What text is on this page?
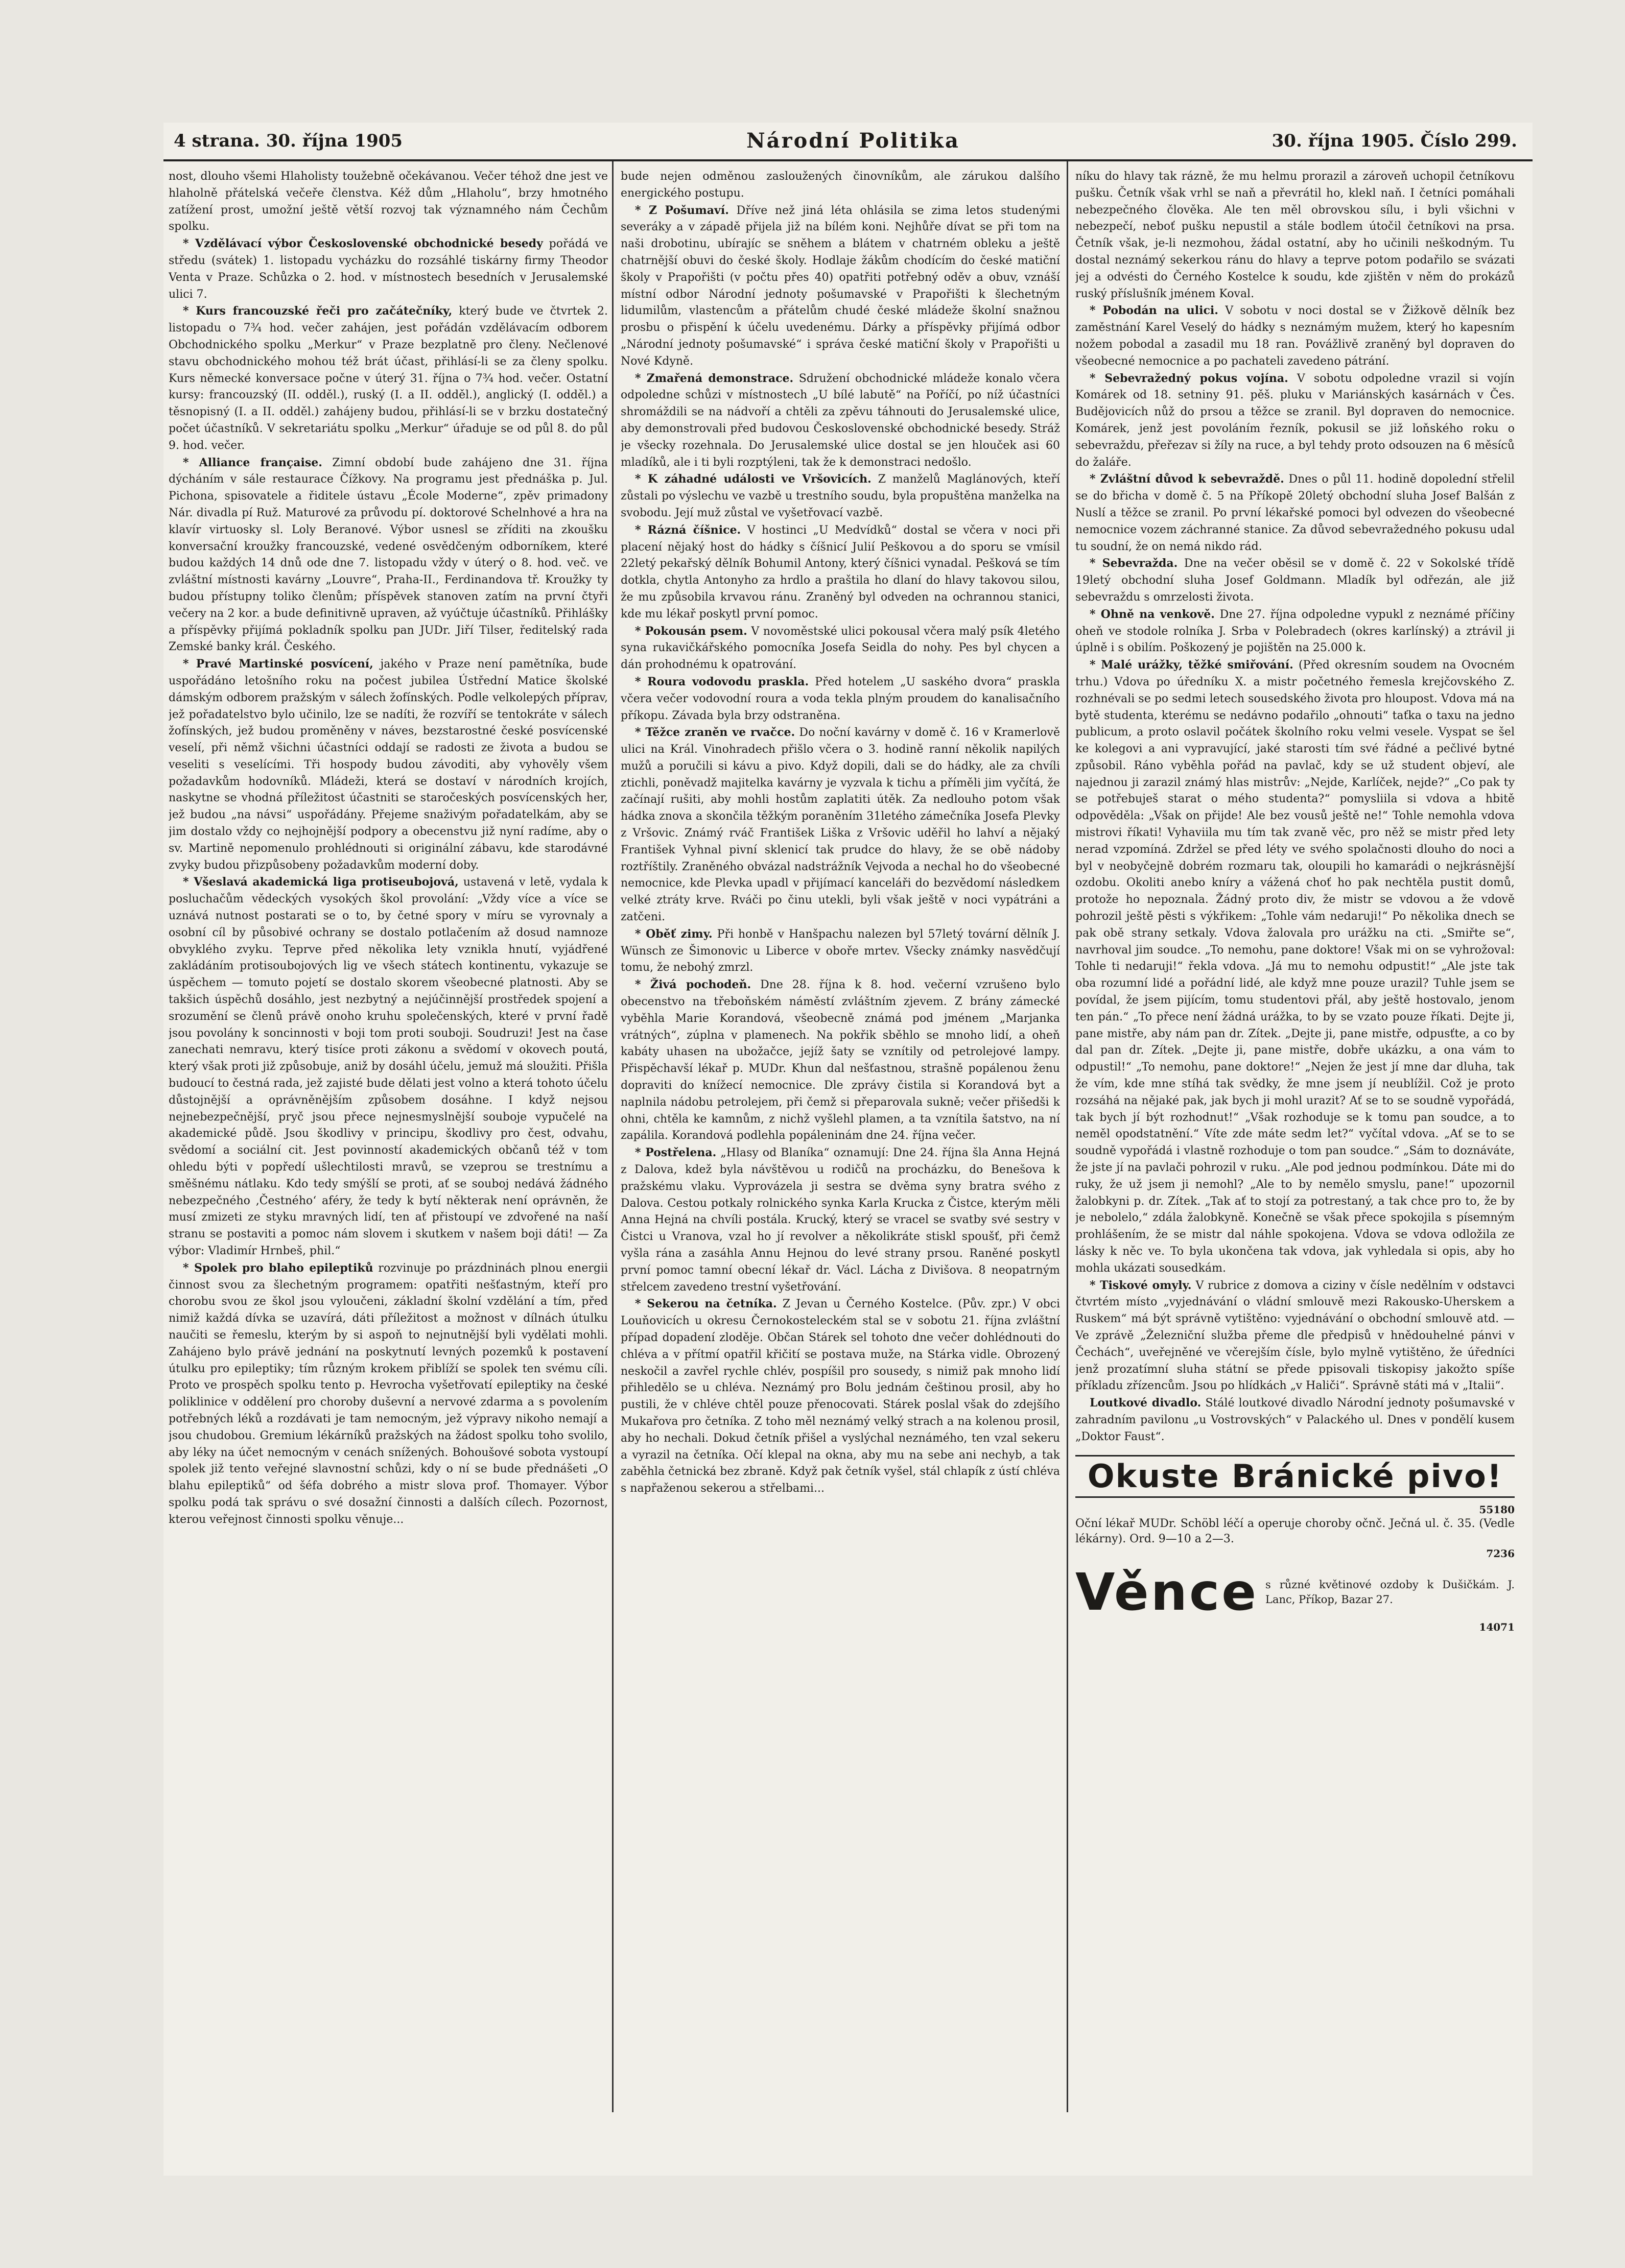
4 strana. 30. října 1905	Národní Politika	30. října 1905. Číslo 299.

nost, dlouho všemi Hlaholisty toužebně očekávanou. Večer téhož dne jest ve hlaholně přátelská večeře členstva. Kéž dům „Hlaholu“, brzy hmotného zatížení prost, umožní ještě větší rozvoj tak významného nám Čechům spolku.

* Vzdělávací výbor Československé obchodnické besedy pořádá ve středu (svátek) 1. listopadu vycházku do rozsáhlé tiskárny firmy Theodor Venta v Praze. Schůzka o 2. hod. v místnostech besedních v Jerusalemské ulici 7.

* Kurs francouzské řeči pro začátečníky, který bude ve čtvrtek 2. listopadu o 7¾ hod. večer zahájen, jest pořádán vzdělávacím odborem Obchodnického spolku „Merkur“ v Praze bezplatně pro členy. Nečlenové stavu obchodnického mohou též brát účast, přihlásí-li se za členy spolku. Kurs německé konversace počne v úterý 31. října o 7¾ hod. večer. Ostatní kursy: francouzský (II. odděl.), ruský (I. a II. odděl.), anglický (I. odděl.) a těsnopisný (I. a II. odděl.) zahájeny budou, přihlásí-li se v brzku dostatečný počet účastníků. V sekretariátu spolku „Merkur“ úřaduje se od půl 8. do půl 9. hod. večer.

* Alliance française. Zimní období bude zahájeno dne 31. října dýcháním v sále restaurace Čížkovy. Na programu jest přednáška p. Jul. Pichona, spisovatele a řiditele ústavu „École Moderne“, zpěv primadony Nár. divadla pí Ruž. Maturové za průvodu pí. doktorové Schelnhové a hra na klavír virtuosky sl. Loly Beranové. Výbor usnesl se zříditi na zkoušku konversační kroužky francouzské, vedené osvědčeným odborníkem, které budou každých 14 dnů ode dne 7. listopadu vždy v úterý o 8. hod. več. ve zvláštní místnosti kavárny „Louvre“, Praha-II., Ferdinandova tř. Kroužky ty budou přístupny toliko členům; příspěvek stanoven zatím na první čtyři večery na 2 kor. a bude definitivně upraven, až vyúčtuje účastníků. Přihlášky a příspěvky přijímá pokladník spolku pan JUDr. Jiří Tilser, ředitelský rada Zemské banky král. Českého.

* Pravé Martinské posvícení, jakého v Praze není pamětníka, bude uspořádáno letošního roku na počest jubilea Ústřední Matice školské dámským odborem pražským v sálech žofínských. Podle velkolepých příprav, jež pořadatelstvo bylo učinilo, lze se nadíti, že rozvíří se tentokráte v sálech žofínských, jež budou proměněny v náves, bezstarostné české posvícenské veselí, při němž všichni účastníci oddají se radosti ze života a budou se veseliti s veselícími. Tři hospody budou závoditi, aby vyhověly všem požadavkům hodovníků. Mládeži, která se dostaví v národních krojích, naskytne se vhodná příležitost účastniti se staročeských posvícenských her, jež budou „na návsi“ uspořádány. Přejeme snaživým pořadatelkám, aby se jim dostalo vždy co nejhojnější podpory a obecenstvu již nyní radíme, aby o sv. Martině nepomenulo prohlédnouti si originální zábavu, kde starodávné zvyky budou přizpůsobeny požadavkům moderní doby.

* Všeslavá akademická liga protiseubojová, ustavená v letě, vydala k posluchačům vědeckých vysokých škol provolání: „Vždy více a více se uznává nutnost postarati se o to, by četné spory v míru se vyrovnaly a osobní cíl by působivé ochrany se dostalo potlačením až dosud namnoze obvyklého zvyku. Teprve před několika lety vznikla hnutí, vyjádřené zakládáním protisoubojových lig ve všech státech kontinentu, vykazuje se úspěchem — tomuto pojetí se dostalo skorem všeobecné platnosti. Aby se takšich úspěchů dosáhlo, jest nezbytný a nejúčinnější prostředek spojení a srozumění se členů právě onoho kruhu společenských, které v první řadě jsou povolány k soncinnosti v boji tom proti souboji. Soudruzi! Jest na čase zanechati nemravu, který tisíce proti zákonu a svědomí v okovech poutá, který však proti již způsobuje, aniž by dosáhl účelu, jemuž má sloužiti. Přišla budoucí to čestná rada, jež zajisté bude dělati jest volno a která tohoto účelu důstojnější a oprávněnějším způsobem dosáhne. I když nejsou nejnebezpečnější, pryč jsou přece nejnesmyslnější souboje vypučelé na akademické půdě. Jsou škodlivy v principu, škodlivy pro čest, odvahu, svědomí a sociální cit. Jest povinností akademických občanů též v tom ohledu býti v popředí ušlechtilosti mravů, se vzeprou se trestnímu a směšnému nátlaku. Kdo tedy smýšlí se proti, ať se souboj nedává žádného nebezpečného ‚Čestného‘ aféry, že tedy k bytí některak není oprávněn, že musí zmizeti ze styku mravných lidí, ten ať přistoupí ve zdvořené na naší stranu se postaviti a pomoc nám slovem i skutkem v našem boji dáti! — Za výbor: Vladimír Hrnbeš, phil.“

* Spolek pro blaho epileptiků rozvinuje po prázdninách plnou energii činnost svou za šlechetným programem: opatřiti nešťastným, kteří pro chorobu svou ze škol jsou vyloučeni, základní školní vzdělání a tím, před nimiž každá dívka se uzavírá, dáti příležitost a možnost v dílnách útulku naučiti se řemeslu, kterým by si aspoň to nejnutnější byli vydělati mohli. Zahájeno bylo právě jednání na poskytnutí levných pozemků k postavení útulku pro epileptiky; tím různým krokem přiblíží se spolek ten svému cíli. Proto ve prospěch spolku tento p. Hevrocha vyšetřovatí epileptiky na české poliklinice v oddělení pro choroby duševní a nervové zdarma a s povolením potřebných léků a rozdávati je tam nemocným, jež výpravy nikoho nemají a jsou chudobou. Gremium lékárníků pražských na žádost spolku toho svolilo, aby léky na účet nemocným v cenách snížených. Bohoušové sobota vystoupí spolek již tento veřejné slavnostní schůzi, kdy o ní se bude přednášeti „O blahu epileptiků“ od šéfa dobrého a mistr slova prof. Thomayer. Výbor spolku podá tak správu o své dosažní činnosti a dalších cílech. Pozornost, kterou veřejnost činnosti spolku věnuje...

bude nejen odměnou zasloužených činovníkům, ale zárukou dalšího energického postupu.

* Z Pošumaví. Dříve než jiná léta ohlásila se zima letos studenými severáky a v západě přijela již na bílém koni. Nejhůře dívat se při tom na naši drobotinu, ubírajíc se sněhem a blátem v chatrném obleku a ještě chatrnější obuvi do české školy. Hodlaje žákům chodícím do české matiční školy v Prapořišti (v počtu přes 40) opatřiti potřebný oděv a obuv, vznáší místní odbor Národní jednoty pošumavské v Prapořišti k šlechetným lidumilům, vlastencům a přátelům chudé české mládeže školní snažnou prosbu o přispění k účelu uvedenému. Dárky a příspěvky přijímá odbor „Národní jednoty pošumavské“ i správa české matiční školy v Prapořišti u Nové Kdyně.

* Zmařená demonstrace. Sdružení obchodnické mládeže konalo včera odpoledne schůzi v místnostech „U bílé labutě“ na Poříčí, po níž účastníci shromáždili se na nádvoří a chtěli za zpěvu táhnouti do Jerusalemské ulice, aby demonstrovali před budovou Československé obchodnické besedy. Stráž je všecky rozehnala. Do Jerusalemské ulice dostal se jen hlouček asi 60 mladíků, ale i ti byli rozptýleni, tak že k demonstraci nedošlo.

* K záhadné události ve Vršovicích. Z manželů Maglánových, kteří zůstali po výslechu ve vazbě u trestního soudu, byla propuštěna manželka na svobodu. Její muž zůstal ve vyšetřovací vazbě.

* Rázná číšnice. V hostinci „U Medvídků“ dostal se včera v noci při placení nějaký host do hádky s číšnicí Julií Peškovou a do sporu se vmísil 22letý pekařský dělník Bohumil Antony, který číšnici vynadal. Pešková se tím dotkla, chytla Antonyho za hrdlo a praštila ho dlaní do hlavy takovou silou, že mu způsobila krvavou ránu. Zraněný byl odveden na ochrannou stanici, kde mu lékař poskytl první pomoc.

* Pokousán psem. V novoměstské ulici pokousal včera malý psík 4letého syna rukavičkářského pomocníka Josefa Seidla do nohy. Pes byl chycen a dán prohodnému k opatrování.

* Roura vodovodu praskla. Před hotelem „U saského dvora“ praskla včera večer vodovodní roura a voda tekla plným proudem do kanalisačního příkopu. Závada byla brzy odstraněna.

* Těžce zraněn ve rvačce. Do noční kavárny v domě č. 16 v Kramerlově ulici na Král. Vinohradech přišlo včera o 3. hodině ranní několik napilých mužů a poručili si kávu a pivo. Když dopili, dali se do hádky, ale za chvíli ztichli, poněvadž majitelka kavárny je vyzvala k tichu a příměli jim vyčítá, že začínají rušiti, aby mohli hostům zaplatiti útěk. Za nedlouho potom však hádka znova a skončila těžkým poraněním 31letého zámečníka Josefa Plevky z Vršovic. Známý rváč František Liška z Vršovic uděřil ho lahví a nějaký František Vyhnal pivní sklenicí tak prudce do hlavy, že se obě nádoby roztříštily. Zraněného obvázal nadstrážník Vejvoda a nechal ho do všeobecné nemocnice, kde Plevka upadl v přijímací kanceláři do bezvědomí následkem velké ztráty krve. Rváči po činu utekli, byli však ještě v noci vypátráni a zatčeni.

* Oběť zimy. Při honbě v Hanšpachu nalezen byl 57letý tovární dělník J. Wünsch ze Šimonovic u Liberce v oboře mrtev. Všecky známky nasvědčují tomu, že nebohý zmrzl.

* Živá pochodeň. Dne 28. října k 8. hod. večerní vzrušeno bylo obecenstvo na třeboňském náměstí zvláštním zjevem. Z brány zámecké vyběhla Marie Korandová, všeobecně známá pod jménem „Marjanka vrátných“, zúplna v plamenech. Na pokřik sběhlo se mnoho lidí, a oheň kabáty uhasen na ubožačce, jejíž šaty se vznítily od petrolejové lampy. Přispěchavší lékař p. MUDr. Khun dal nešťastnou, strašně popálenou ženu dopraviti do knížecí nemocnice. Dle zprávy čistila si Korandová byt a naplnila nádobu petrolejem, při čemž si přeparovala sukně; večer přišedši k ohni, chtěla ke kamnům, z nichž vyšlehl plamen, a ta vznítila šatstvo, na ní zapálila. Korandová podlehla popáleninám dne 24. října večer.

* Postřelena. „Hlasy od Blaníka“ oznamují: Dne 24. října šla Anna Hejná z Dalova, kdež byla návštěvou u rodičů na procházku, do Benešova k pražskému vlaku. Vyprovázela ji sestra se dvěma syny bratra svého z Dalova. Cestou potkaly rolnického synka Karla Krucka z Čistce, kterým měli Anna Hejná na chvíli postála. Krucký, který se vracel se svatby své sestry v Čistci u Vranova, vzal ho jí revolver a několikráte stiskl spoušť, při čemž vyšla rána a zasáhla Annu Hejnou do levé strany prsou. Raněné poskytl první pomoc tamní obecní lékař dr. Václ. Lácha z Divišova. 8 neopatrným střelcem zavedeno trestní vyšetřování.

* Sekerou na četníka. Z Jevan u Černého Kostelce. (Pův. zpr.) V obci Louňovicích u okresu Černokosteleckém stal se v sobotu 21. října zvláštní případ dopadení zloděje. Občan Stárek sel tohoto dne večer dohlédnouti do chléva a v přítmí opatřil křičití se postava muže, na Stárka vidle. Obrozený neskočil a zavřel rychle chlév, pospíšil pro sousedy, s nimiž pak mnoho lidí přihledělo se u chléva. Neznámý pro Bolu jednám češtinou prosil, aby ho pustili, že v chléve chtěl pouze přenocovati. Stárek poslal však do zdejšího Mukařova pro četníka. Z toho měl neznámý velký strach a na kolenou prosil, aby ho nechali. Dokud četník přišel a vyslýchal neznámého, ten vzal sekeru a vyrazil na četníka. Očí klepal na okna, aby mu na sebe ani nechyb, a tak zaběhla četnická bez zbraně. Když pak četník vyšel, stál chlapík z ústí chléva s napřaženou sekerou a střelbami...

níku do hlavy tak rázně, že mu helmu prorazil a zároveň uchopil četníkovu pušku. Četník však vrhl se naň a převrátil ho, klekl naň. I četníci pomáhali nebezpečného člověka. Ale ten měl obrovskou sílu, i byli všichni v nebezpečí, neboť pušku nepustil a stále bodlem útočil četníkovi na prsa. Četník však, je-li nezmohou, žádal ostatní, aby ho učinili neškodným. Tu dostal neznámý sekerkou ránu do hlavy a teprve potom podařilo se svázati jej a odvésti do Černého Kostelce k soudu, kde zjištěn v něm do prokázů ruský příslušník jménem Koval.

* Pobodán na ulici. V sobotu v noci dostal se v Žižkově dělník bez zaměstnání Karel Veselý do hádky s neznámým mužem, který ho kapesním nožem pobodal a zasadil mu 18 ran. Povážlivě zraněný byl dopraven do všeobecné nemocnice a po pachateli zavedeno pátrání.

* Sebevražedný pokus vojína. V sobotu odpoledne vrazil si vojín Komárek od 18. setniny 91. pěš. pluku v Mariánských kasárnách v Čes. Budějovicích nůž do prsou a těžce se zranil. Byl dopraven do nemocnice. Komárek, jenž jest povoláním řezník, pokusil se již loňského roku o sebevraždu, přeřezav si žíly na ruce, a byl tehdy proto odsouzen na 6 měsíců do žaláře.

* Zvláštní důvod k sebevraždě. Dnes o půl 11. hodině dopolední střelil se do břicha v domě č. 5 na Příkopě 20letý obchodní sluha Josef Balšán z Nuslí a těžce se zranil. Po první lékařské pomoci byl odvezen do všeobecné nemocnice vozem záchranné stanice. Za důvod sebevražedného pokusu udal tu soudní, že on nemá nikdo rád.

* Sebevražda. Dne na večer oběsil se v domě č. 22 v Sokolské třídě 19letý obchodní sluha Josef Goldmann. Mladík byl odřezán, ale již sebevraždu s omrzelosti života.

* Ohně na venkově. Dne 27. října odpoledne vypukl z neznámé příčiny oheň ve stodole rolníka J. Srba v Polebradech (okres karlínský) a ztrávil ji úplně i s obilím. Poškozený je pojištěn na 25.000 k.

* Malé urážky, těžké smiřování. (Před okresním soudem na Ovocném trhu.) Vdova po úředníku X. a mistr početného řemesla krejčovského Z. rozhnévali se po sedmi letech sousedského života pro hloupost. Vdova má na bytě studenta, kterému se nedávno podařilo „ohnouti“ taťka o taxu na jedno publicum, a proto oslavil počátek školního roku velmi vesele. Vyspat se šel ke kolegovi a ani vypravující, jaké starosti tím své řádné a pečlivé bytné způsobil. Ráno vyběhla pořád na pavlač, kdy se už student objeví, ale najednou ji zarazil známý hlas mistrův: „Nejde, Karlíček, nejde?“ „Co pak ty se potřebuješ starat o mého studenta?“ pomysliila si vdova a hbitě odpověděla: „Však on přijde! Ale bez vousů ještě ne!“ Tohle nemohla vdova mistrovi říkati! Vyhaviila mu tím tak zvaně věc, pro něž se mistr před lety nerad vzpomíná. Zdržel se před léty ve svého spolačnosti dlouho do noci a byl v neobyčejně dobrém rozmaru tak, oloupili ho kamarádi o nejkrásnější ozdobu. Okoliti anebo kníry a vážená choť ho pak nechtěla pustit domů, protože ho nepoznala. Žádný proto div, že mistr se vdovou a že vdově pohrozil ještě pěsti s výkřikem: „Tohle vám nedaruji!“ Po několika dnech se pak obě strany setkaly. Vdova žalovala pro urážku na cti. „Smiřte se“, navrhoval jim soudce. „To nemohu, pane doktore! Však mi on se vyhrožoval: Tohle ti nedaruji!“ řekla vdova. „Já mu to nemohu odpustit!“ „Ale jste tak oba rozumní lidé a pořádní lidé, ale když mne pouze urazil? Tuhle jsem se povídal, že jsem pijícím, tomu studentovi přál, aby ještě hostovalo, jenom ten pán.“ „To přece není žádná urážka, to by se vzato pouze říkati. Dejte ji, pane mistře, aby nám pan dr. Zítek. „Dejte ji, pane mistře, odpusťte, a co by dal pan dr. Zítek. „Dejte ji, pane mistře, dobře ukázku, a ona vám to odpustil!“ „To nemohu, pane doktore!“ „Nejen že jest jí mne dar dluha, tak že vím, kde mne stíhá tak svědky, že mne jsem jí neublížil. Což je proto rozsáhá na nějaké pak, jak bych ji mohl urazit? Ať se to se soudně vypořádá, tak bych jí být rozhodnut!“ „Však rozhoduje se k tomu pan soudce, a to neměl opodstatnění.“ Víte zde máte sedm let?“ vyčítal vdova. „Ať se to se soudně vypořádá i vlastně rozhoduje o tom pan soudce.“ „Sám to doznáváte, že jste jí na pavlači pohrozil v ruku. „Ale pod jednou podmínkou. Dáte mi do ruky, že už jsem ji nemohl? „Ale to by nemělo smyslu, pane!“ upozornil žalobkyni p. dr. Zítek. „Tak ať to stojí za potrestaný, a tak chce pro to, že by je nebolelo,“ zdála žalobkyně. Konečně se však přece spokojila s písemným prohlášením, že se mistr dal náhle spokojena. Vdova se vdova odložila ze lásky k něc ve. To byla ukončena tak vdova, jak vyhledala si opis, aby ho mohla ukázati sousedkám.

* Tiskové omyly. V rubrice z domova a ciziny v čísle nedělním v odstavci čtvrtém místo „vyjednávání o vládní smlouvě mezi Rakousko-Uherskem a Ruskem“ má být správně vytištěno: vyjednávání o obchodní smlouvě atd. — Ve zprávě „Železniční služba přeme dle předpisů v hnědouhelné pánvi v Čechách“, uveřejněné ve včerejším čísle, bylo mylně vytištěno, že úředníci jenž prozatímní sluha státní se přede ppisovali tiskopisy jakožto spíše příkladu zřízencům. Jsou po hlídkách „v Haliči“. Správně státi má v „Italii“.

Loutkové divadlo. Stálé loutkové divadlo Národní jednoty pošumavské v zahradním pavilonu „u Vostrovských“ v Palackého ul. Dnes v pondělí kusem „Doktor Faust“.

Okuste Bránické pivo!
55180
Oční lékař MUDr. Schöbl léčí a operuje choroby očnč. Ječná ul. č. 35. (Vedle lékárny). Ord. 9—10 a 2—3.
7236
Věnce s různé květinové ozdoby k Dušičkám. J. Lanc, Příkop, Bazar 27.
14071
